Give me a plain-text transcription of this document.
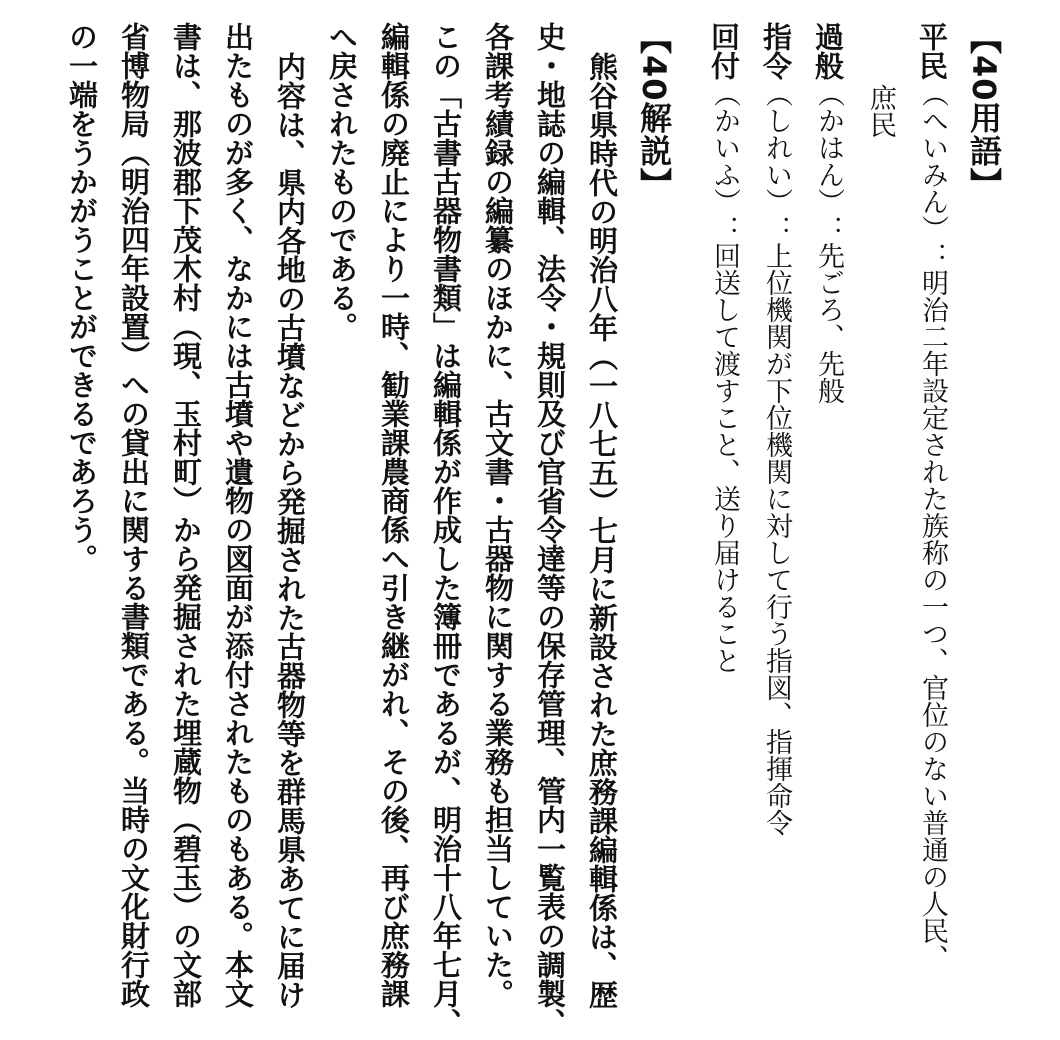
【40用語】
平民（へいみん）：明治二年設定された族称の一つ、官位のない普通の人民、
庶民
過般（かはん）：先ごろ、先般
指令（しれい）：上位機関が下位機関に対して行う指図、指揮命令
回付（かいふ）：回送して渡すこと、送り届けること
【40解説】
熊谷県時代の明治八年（一八七五）七月に新設された庶務課編輯係は、歴
史・地誌の編輯、法令・規則及び官省令達等の保存管理、管内一覧表の調製、
各課考績録の編纂のほかに、古文書・古器物に関する業務も担当していた。
この「古書古器物書類」は編輯係が作成した簿冊であるが、明治十八年七月、
編輯係の廃止により一時、勧業課農商係へ引き継がれ、その後、再び庶務課
へ戻されたものである。
内容は、県内各地の古墳などから発掘された古器物等を群馬県あてに届け
出たものが多く、なかには古墳や遺物の図面が添付されたものもある。本文
書は、那波郡下茂木村（現、玉村町）から発掘された埋蔵物（碧玉）の文部
省博物局（明治四年設置）への貸出に関する書類である。当時の文化財行政
の一端をうかがうことができるであろう。
